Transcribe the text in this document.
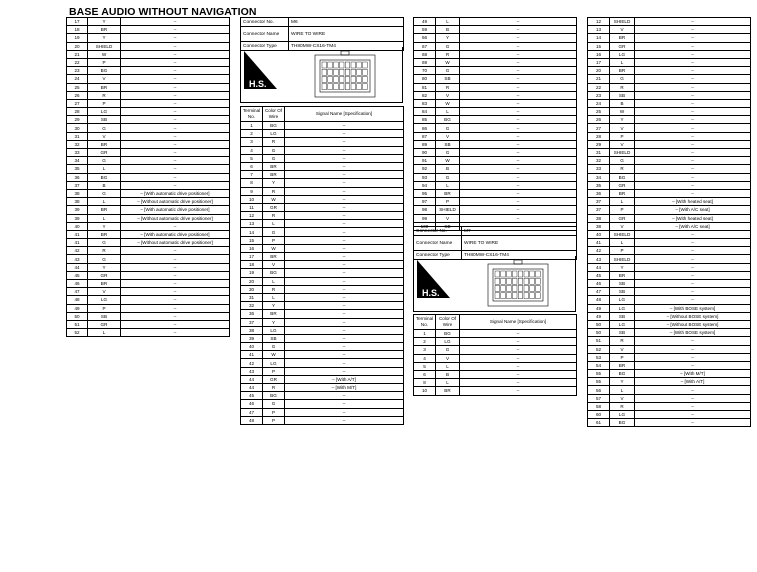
BASE AUDIO WITHOUT NAVIGATION
17	Y	–
18	BR	–
19	Y	–
20	SHIELD	–
21	W	–
22	P	–
23	BG	–
24	V	–
25	BR	–
26	R	–
27	P	–
28	LG	–
29	SB	–
30	G	–
31	V	–
32	BR	–
33	GR	–
34	G	–
35	L	–
36	BG	–
37	B	–
38	G	– [With automatic drive positioner]
38	L	– [Without automatic drive positioner]
39	BR	– [With automatic drive positioner]
39	L	– [Without automatic drive positioner]
40	Y	–
41	BR	– [With automatic drive positioner]
41	G	– [Without automatic drive positioner]
42	R	–
43	G	–
44	Y	–
45	GR	–
46	BR	–
47	V	–
48	LG	–
49	P	–
50	SB	–
51	GR	–
52	L	–
Connector No.	M6
Connector Name	WIRE TO WIRE
Connector Type	TH80MW-CS16-TM4
H.S.
Terminal No.	Color Of Wire	Signal Name [Specification]
1	BG	–
2	LG	–
3	R	–
4	G	–
5	G	–
6	BR	–
7	BR	–
8	Y	–
9	R	–
10	W	–
11	GR	–
12	R	–
13	L	–
14	G	–
15	P	–
16	W	–
17	BR	–
18	V	–
19	BG	–
20	L	–
30	R	–
31	L	–
32	Y	–
36	BR	–
37	Y	–
38	LG	–
39	SB	–
40	G	–
41	W	–
42	LG	–
43	P	–
44	GR	– [With A/T]
44	R	– [With M/T]
45	BG	–
46	G	–
47	P	–
48	P	–
49	L	–
59	B	–
66	Y	–
67	G	–
68	R	–
69	W	–
70	G	–
80	SB	–
81	R	–
82	V	–
83	W	–
84	L	–
85	BG	–
86	G	–
87	V	–
89	SB	–
90	G	–
91	W	–
92	B	–
93	G	–
94	L	–
95	BR	–
97	P	–
98	SHIELD	–
99	V	–
100	SB	–
Connector No.	M7
Connector Name	WIRE TO WIRE
Connector Type	TH80MW-CS16-TM4
H.S.
Terminal No.	Color Of Wire	Signal Name [Specification]
1	BG	–
2	LG	–
3	G	–
4	V	–
5	L	–
6	B	–
8	L	–
10	BR	–
12	SHIELD	–
13	V	–
14	BR	–
15	GR	–
16	LG	–
17	L	–
20	BR	–
21	G	–
22	R	–
23	SB	–
24	B	–
25	W	–
26	Y	–
27	V	–
28	P	–
29	V	–
31	SHIELD	–
32	G	–
33	R	–
34	BG	–
35	GR	–
36	BR	–
37	L	– [With heated seat]
37	P	– [With A/C seat]
38	GR	– [With heated seat]
38	V	– [With A/C seat]
40	SHIELD	–
41	L	–
42	P	–
43	SHIELD	–
44	Y	–
45	BR	–
46	SB	–
47	SB	–
48	LG	–
49	LG	– [With BOSE system]
49	SB	– [Without BOSE system]
50	LG	– [Without BOSE system]
50	SB	– [With BOSE system]
51	R	–
52	V	–
53	P	–
54	BR	–
55	BG	– [With M/T]
55	Y	– [With A/T]
56	L	–
57	V	–
58	R	–
60	LG	–
61	BG	–
